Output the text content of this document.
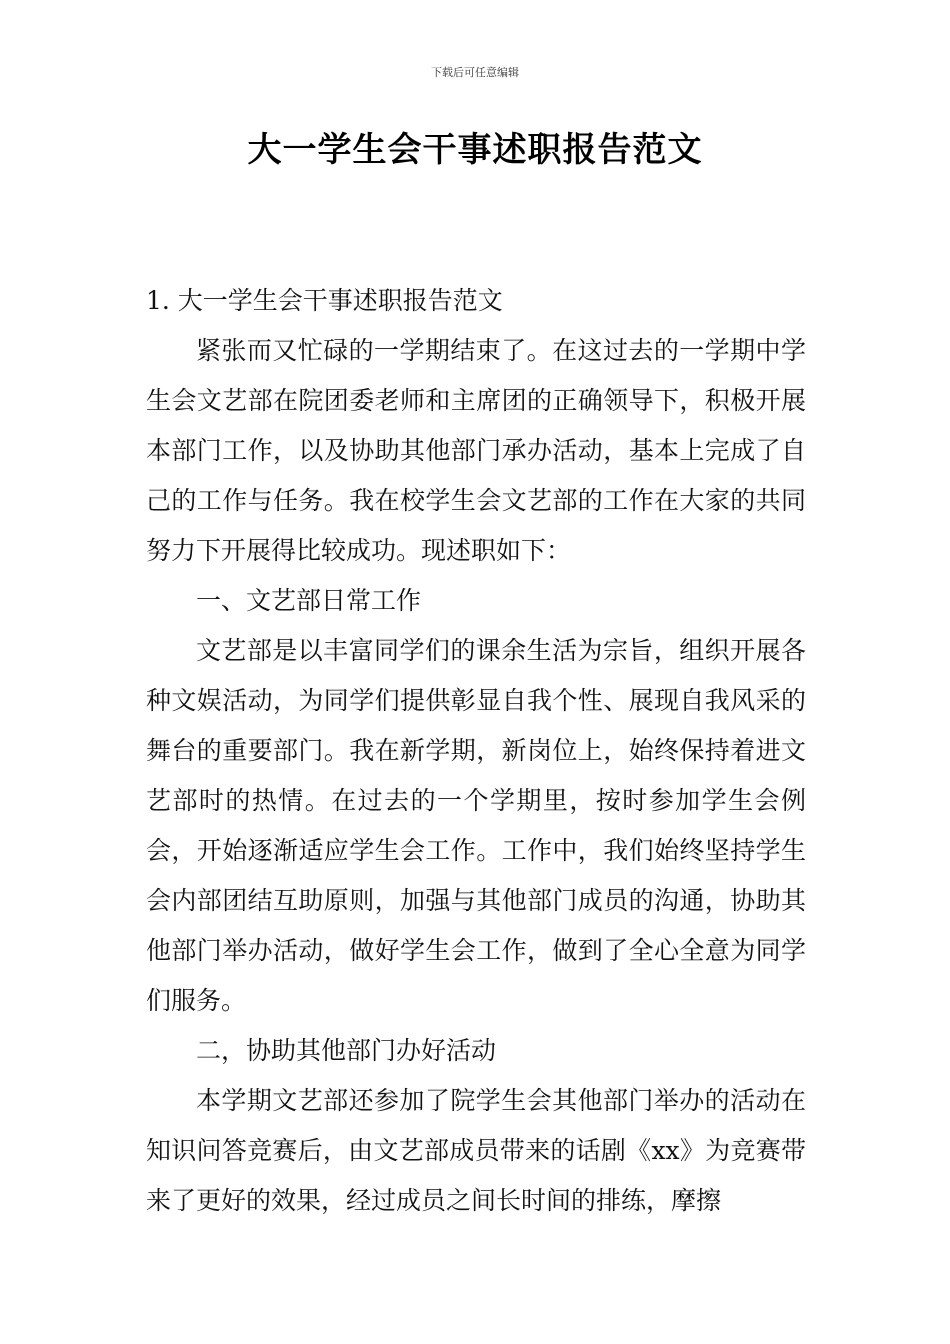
下载后可任意编辑
大一学生会干事述职报告范文

1. 大一学生会干事述职报告范文

紧张而又忙碌的一学期结束了。在这过去的一学期中学生会文艺部在院团委老师和主席团的正确领导下，积极开展本部门工作，以及协助其他部门承办活动，基本上完成了自己的工作与任务。我在校学生会文艺部的工作在大家的共同努力下开展得比较成功。现述职如下：

一、文艺部日常工作

文艺部是以丰富同学们的课余生活为宗旨，组织开展各种文娱活动，为同学们提供彰显自我个性、展现自我风采的舞台的重要部门。我在新学期，新岗位上，始终保持着进文艺部时的热情。在过去的一个学期里，按时参加学生会例会，开始逐渐适应学生会工作。工作中，我们始终坚持学生会内部团结互助原则，加强与其他部门成员的沟通，协助其他部门举办活动，做好学生会工作，做到了全心全意为同学们服务。

二，协助其他部门办好活动

本学期文艺部还参加了院学生会其他部门举办的活动在知识问答竞赛后，由文艺部成员带来的话剧《xx》为竞赛带来了更好的效果，经过成员之间长时间的排练，摩擦
